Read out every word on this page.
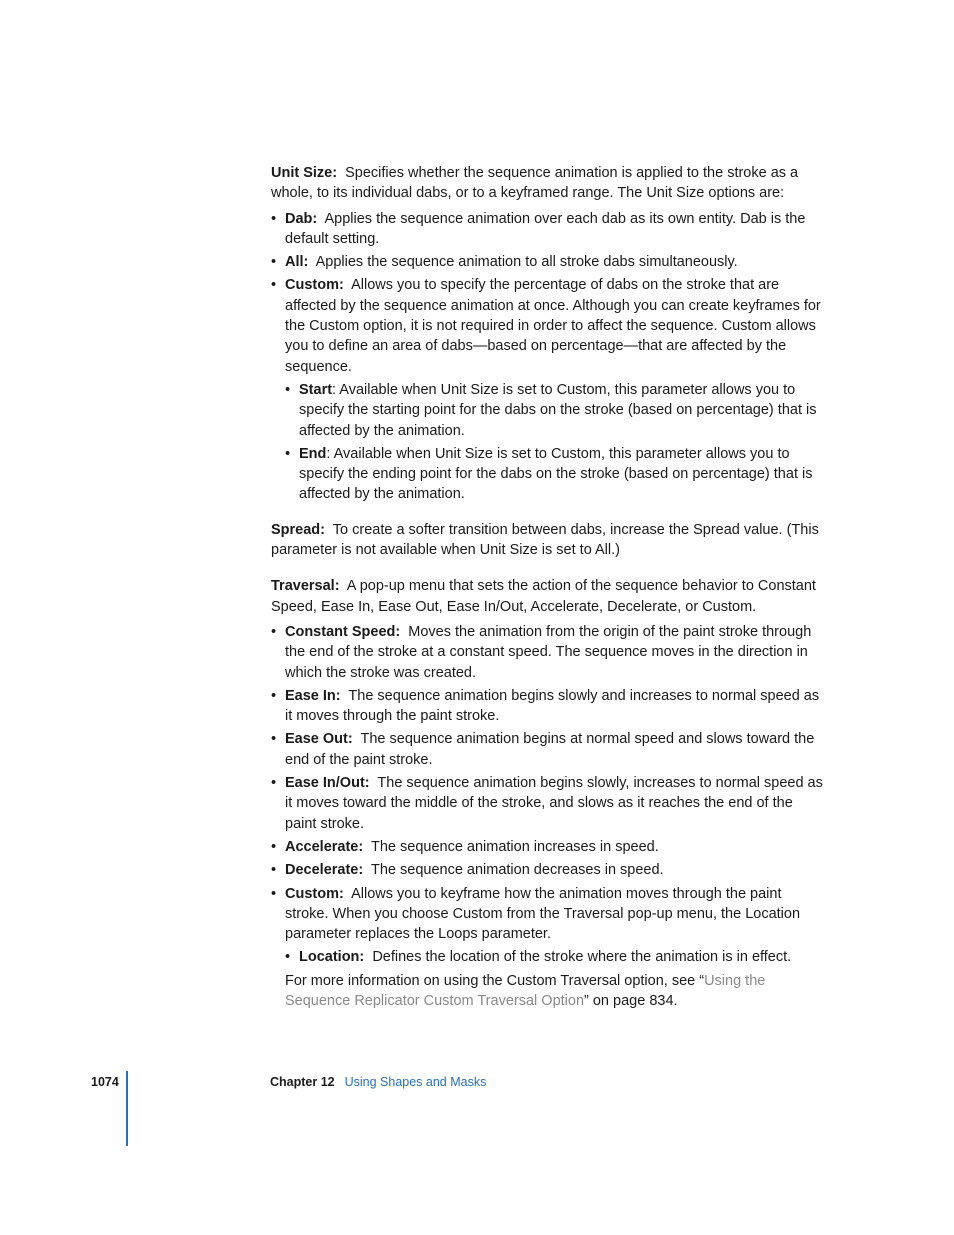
Unit Size: Specifies whether the sequence animation is applied to the stroke as a whole, to its individual dabs, or to a keyframed range. The Unit Size options are:

• Dab: Applies the sequence animation over each dab as its own entity. Dab is the default setting.
• All: Applies the sequence animation to all stroke dabs simultaneously.
• Custom: Allows you to specify the percentage of dabs on the stroke that are affected by the sequence animation at once. Although you can create keyframes for the Custom option, it is not required in order to affect the sequence. Custom allows you to define an area of dabs—based on percentage—that are affected by the sequence.
• Start: Available when Unit Size is set to Custom, this parameter allows you to specify the starting point for the dabs on the stroke (based on percentage) that is affected by the animation.
• End: Available when Unit Size is set to Custom, this parameter allows you to specify the ending point for the dabs on the stroke (based on percentage) that is affected by the animation.

Spread: To create a softer transition between dabs, increase the Spread value. (This parameter is not available when Unit Size is set to All.)

Traversal: A pop-up menu that sets the action of the sequence behavior to Constant Speed, Ease In, Ease Out, Ease In/Out, Accelerate, Decelerate, or Custom.

• Constant Speed: Moves the animation from the origin of the paint stroke through the end of the stroke at a constant speed. The sequence moves in the direction in which the stroke was created.
• Ease In: The sequence animation begins slowly and increases to normal speed as it moves through the paint stroke.
• Ease Out: The sequence animation begins at normal speed and slows toward the end of the paint stroke.
• Ease In/Out: The sequence animation begins slowly, increases to normal speed as it moves toward the middle of the stroke, and slows as it reaches the end of the paint stroke.
• Accelerate: The sequence animation increases in speed.
• Decelerate: The sequence animation decreases in speed.
• Custom: Allows you to keyframe how the animation moves through the paint stroke. When you choose Custom from the Traversal pop-up menu, the Location parameter replaces the Loops parameter.
• Location: Defines the location of the stroke where the animation is in effect.

For more information on using the Custom Traversal option, see “Using the Sequence Replicator Custom Traversal Option” on page 834.

1074	Chapter 12 Using Shapes and Masks
